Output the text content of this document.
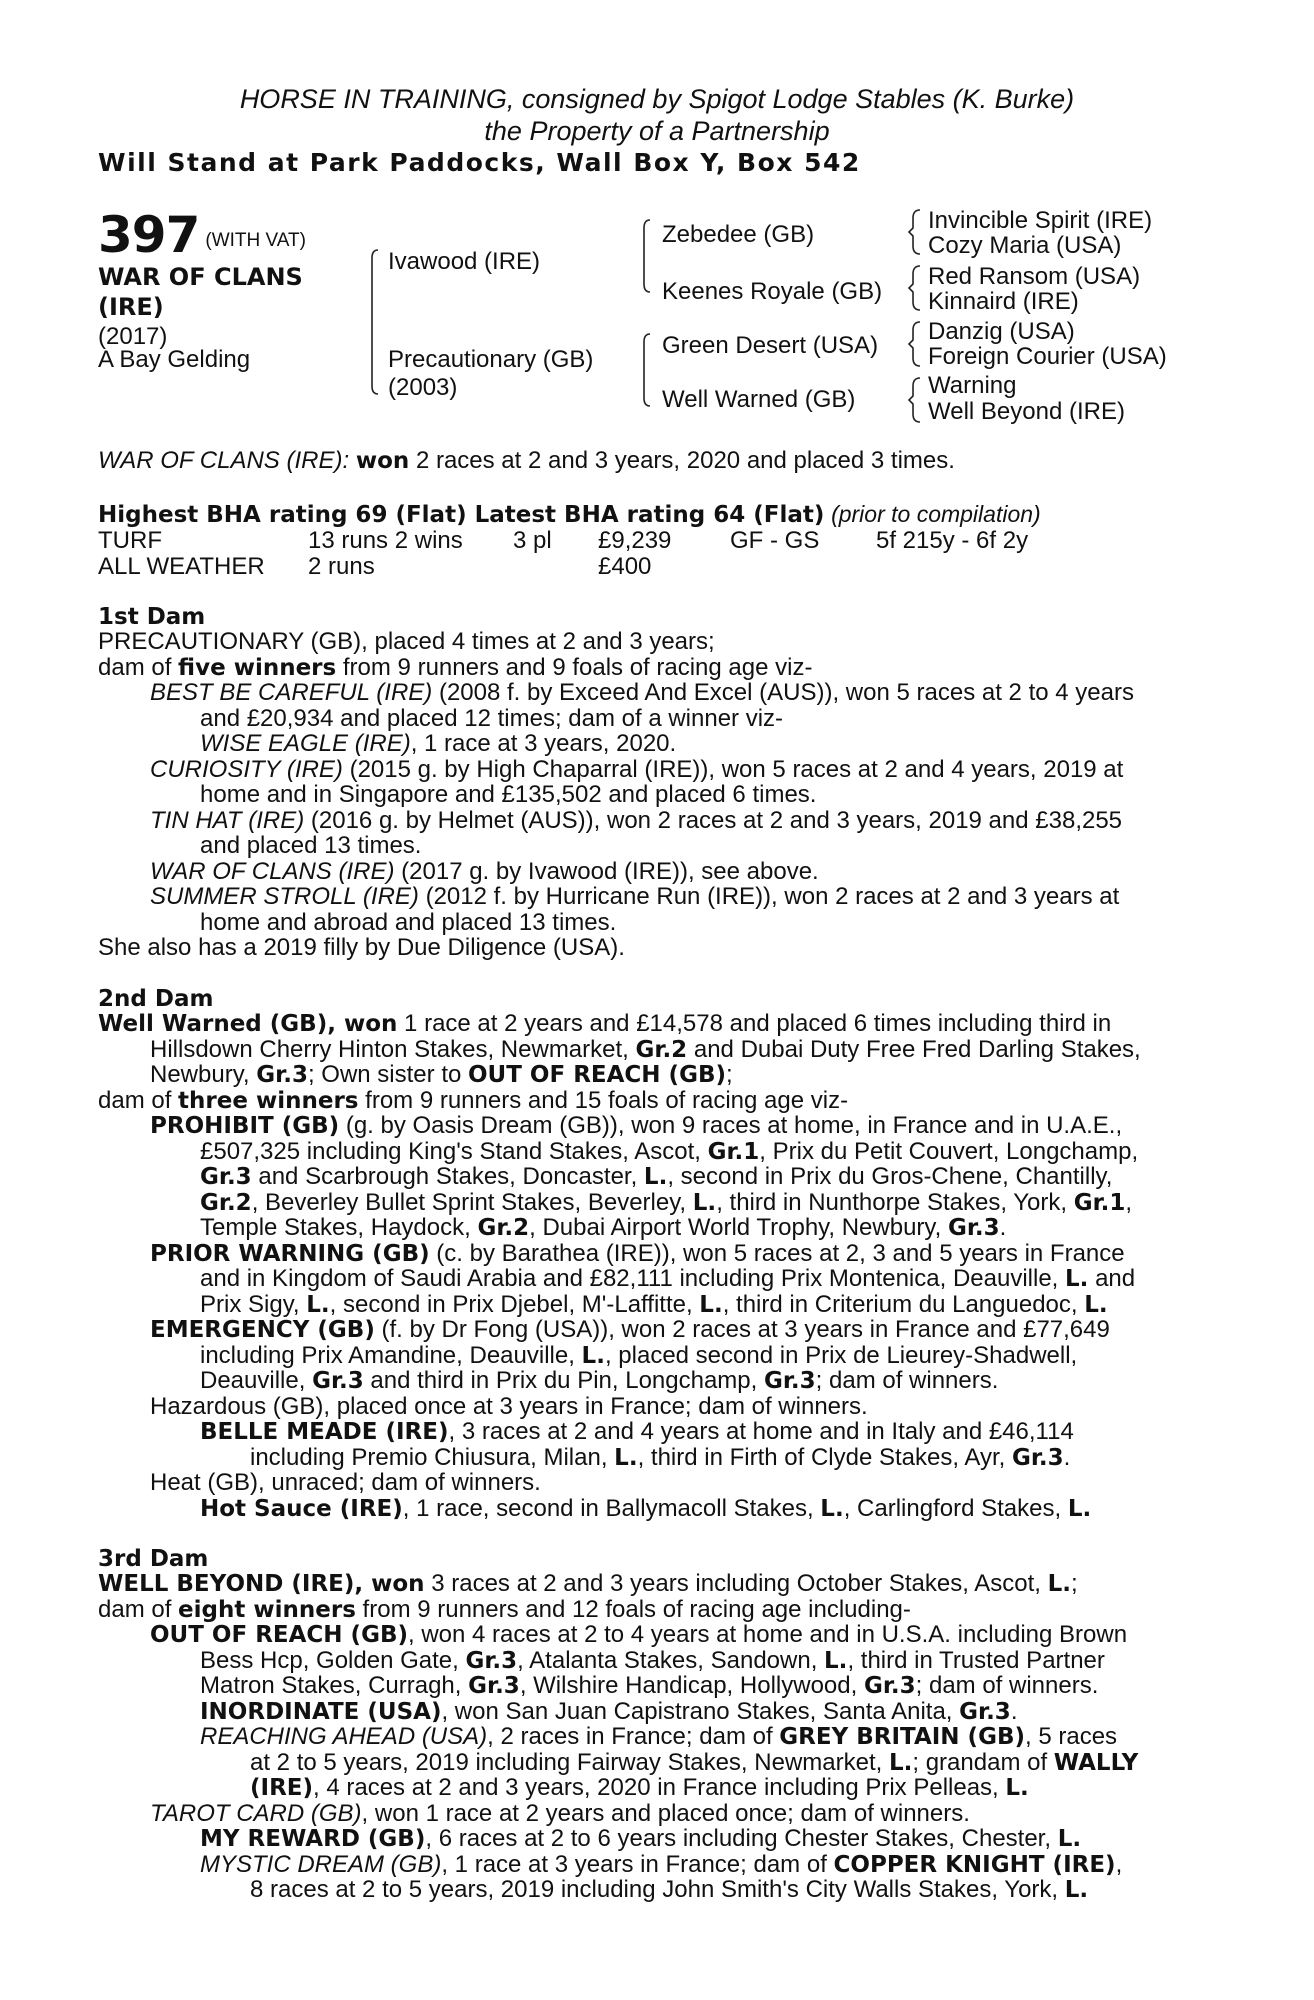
HORSE IN TRAINING, consigned by Spigot Lodge Stables (K. Burke)
the Property of a Partnership
Will Stand at Park Paddocks, Wall Box Y, Box 542
397 $^{(WITH VAT)}$
WAR OF CLANS (IRE)
(2017)
A Bay Gelding
Ivawood (IRE)
Precautionary (GB)
(2003)
Zebedee (GB)
Keenes Royale (GB)
Green Desert (USA)
Well Warned (GB)
Invincible Spirit (IRE)
Cozy Maria (USA)
Red Ransom (USA)
Kinnaird (IRE)
Danzig (USA)
Foreign Courier (USA)
Warning
Well Beyond (IRE)
WAR OF CLANS (IRE): won 2 races at 2 and 3 years, 2020 and placed 3 times.
Highest BHA rating 69 (Flat) Latest BHA rating 64 (Flat) (prior to compilation)
TURF	13 runs 2 wins 3 pl £9,239 GF - GS 5f 215y - 6f 2y
ALL WEATHER 2 runs	£400
1st Dam
PRECAUTIONARY (GB), placed 4 times at 2 and 3 years;
dam of five winners from 9 runners and 9 foals of racing age viz-
BEST BE CAREFUL (IRE) (2008 f. by Exceed And Excel (AUS)), won 5 races at 2 to 4 years
and £20,934 and placed 12 times; dam of a winner viz-
WISE EAGLE (IRE), 1 race at 3 years, 2020.
CURIOSITY (IRE) (2015 g. by High Chaparral (IRE)), won 5 races at 2 and 4 years, 2019 at
home and in Singapore and £135,502 and placed 6 times.
TIN HAT (IRE) (2016 g. by Helmet (AUS)), won 2 races at 2 and 3 years, 2019 and £38,255
and placed 13 times.
WAR OF CLANS (IRE) (2017 g. by Ivawood (IRE)), see above.
SUMMER STROLL (IRE) (2012 f. by Hurricane Run (IRE)), won 2 races at 2 and 3 years at
home and abroad and placed 13 times.
She also has a 2019 filly by Due Diligence (USA).
2nd Dam
Well Warned (GB), won 1 race at 2 years and £14,578 and placed 6 times including third in
Hillsdown Cherry Hinton Stakes, Newmarket, Gr.2 and Dubai Duty Free Fred Darling Stakes,
Newbury, Gr.3; Own sister to OUT OF REACH (GB);
dam of three winners from 9 runners and 15 foals of racing age viz-
PROHIBIT (GB) (g. by Oasis Dream (GB)), won 9 races at home, in France and in U.A.E.,
£507,325 including King's Stand Stakes, Ascot, Gr.1, Prix du Petit Couvert, Longchamp,
Gr.3 and Scarbrough Stakes, Doncaster, L., second in Prix du Gros-Chene, Chantilly,
Gr.2, Beverley Bullet Sprint Stakes, Beverley, L., third in Nunthorpe Stakes, York, Gr.1,
Temple Stakes, Haydock, Gr.2, Dubai Airport World Trophy, Newbury, Gr.3.
PRIOR WARNING (GB) (c. by Barathea (IRE)), won 5 races at 2, 3 and 5 years in France
and in Kingdom of Saudi Arabia and £82,111 including Prix Montenica, Deauville, L. and
Prix Sigy, L., second in Prix Djebel, M'-Laffitte, L., third in Criterium du Languedoc, L.
EMERGENCY (GB) (f. by Dr Fong (USA)), won 2 races at 3 years in France and £77,649
including Prix Amandine, Deauville, L., placed second in Prix de Lieurey-Shadwell,
Deauville, Gr.3 and third in Prix du Pin, Longchamp, Gr.3; dam of winners.
Hazardous (GB), placed once at 3 years in France; dam of winners.
BELLE MEADE (IRE), 3 races at 2 and 4 years at home and in Italy and £46,114
including Premio Chiusura, Milan, L., third in Firth of Clyde Stakes, Ayr, Gr.3.
Heat (GB), unraced; dam of winners.
Hot Sauce (IRE), 1 race, second in Ballymacoll Stakes, L., Carlingford Stakes, L.
3rd Dam
WELL BEYOND (IRE), won 3 races at 2 and 3 years including October Stakes, Ascot, L.;
dam of eight winners from 9 runners and 12 foals of racing age including-
OUT OF REACH (GB), won 4 races at 2 to 4 years at home and in U.S.A. including Brown
Bess Hcp, Golden Gate, Gr.3, Atalanta Stakes, Sandown, L., third in Trusted Partner
Matron Stakes, Curragh, Gr.3, Wilshire Handicap, Hollywood, Gr.3; dam of winners.
INORDINATE (USA), won San Juan Capistrano Stakes, Santa Anita, Gr.3.
REACHING AHEAD (USA), 2 races in France; dam of GREY BRITAIN (GB), 5 races
at 2 to 5 years, 2019 including Fairway Stakes, Newmarket, L.; grandam of WALLY
(IRE), 4 races at 2 and 3 years, 2020 in France including Prix Pelleas, L.
TAROT CARD (GB), won 1 race at 2 years and placed once; dam of winners.
MY REWARD (GB), 6 races at 2 to 6 years including Chester Stakes, Chester, L.
MYSTIC DREAM (GB), 1 race at 3 years in France; dam of COPPER KNIGHT (IRE),
8 races at 2 to 5 years, 2019 including John Smith's City Walls Stakes, York, L.
